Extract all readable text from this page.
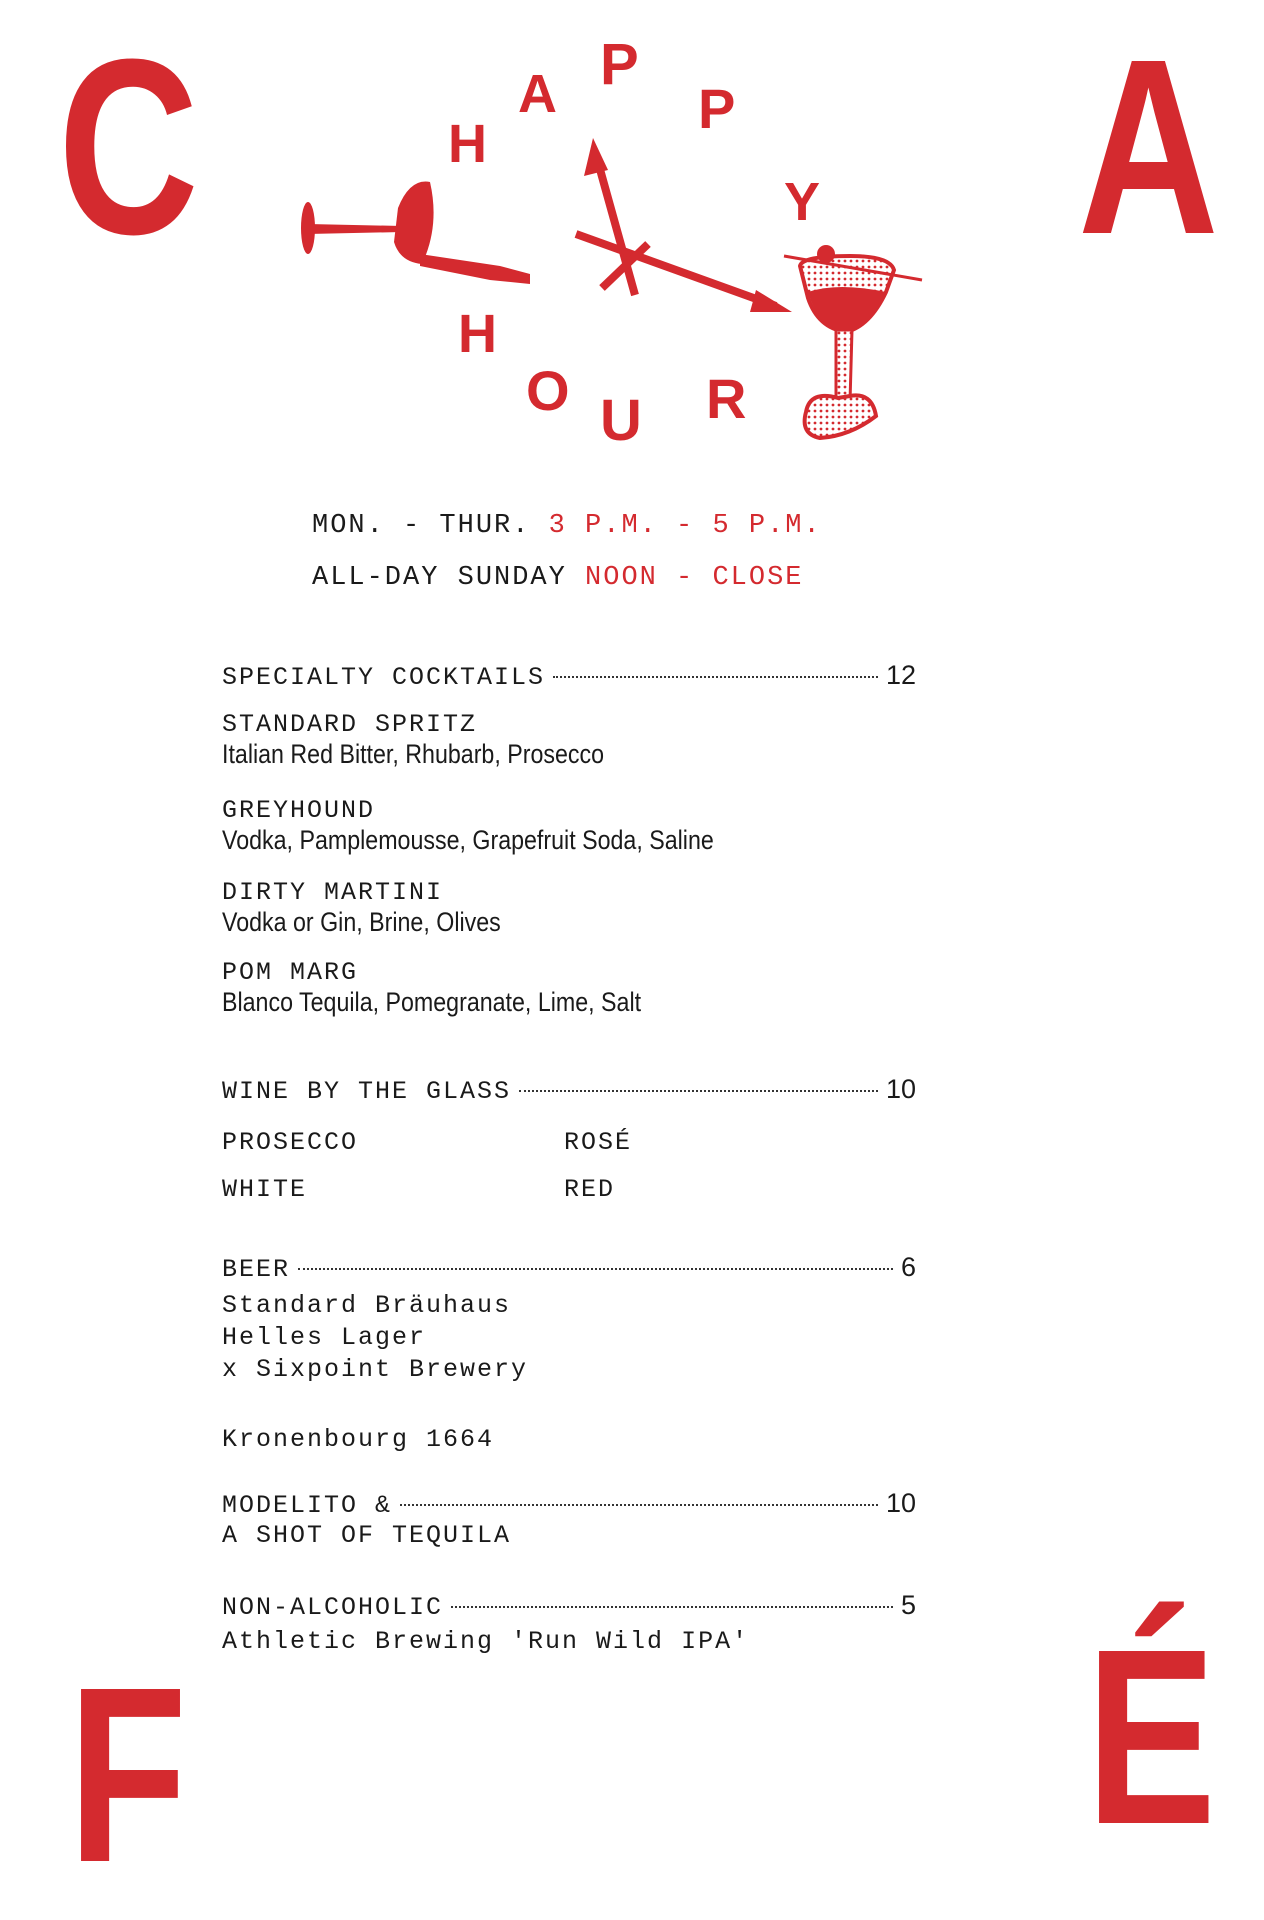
C	A
F	É
H
A P
P
Y
H
O U R
MON. - THUR. 3 P.M. - 5 P.M.
ALL-DAY SUNDAY NOON - CLOSE
SPECIALTY COCKTAILS	12
STANDARD SPRITZ
Italian Red Bitter, Rhubarb, Prosecco
GREYHOUND
Vodka, Pamplemousse, Grapefruit Soda, Saline
DIRTY MARTINI
Vodka or Gin, Brine, Olives
POM MARG
Blanco Tequila, Pomegranate, Lime, Salt
WINE BY THE GLASS	10
PROSECCO	ROSÉ
WHITE	RED
BEER	6
Standard Bräuhaus
Helles Lager
x Sixpoint Brewery
Kronenbourg 1664
MODELITO &	10
A SHOT OF TEQUILA
NON-ALCOHOLIC	5
Athletic Brewing 'Run Wild IPA'
